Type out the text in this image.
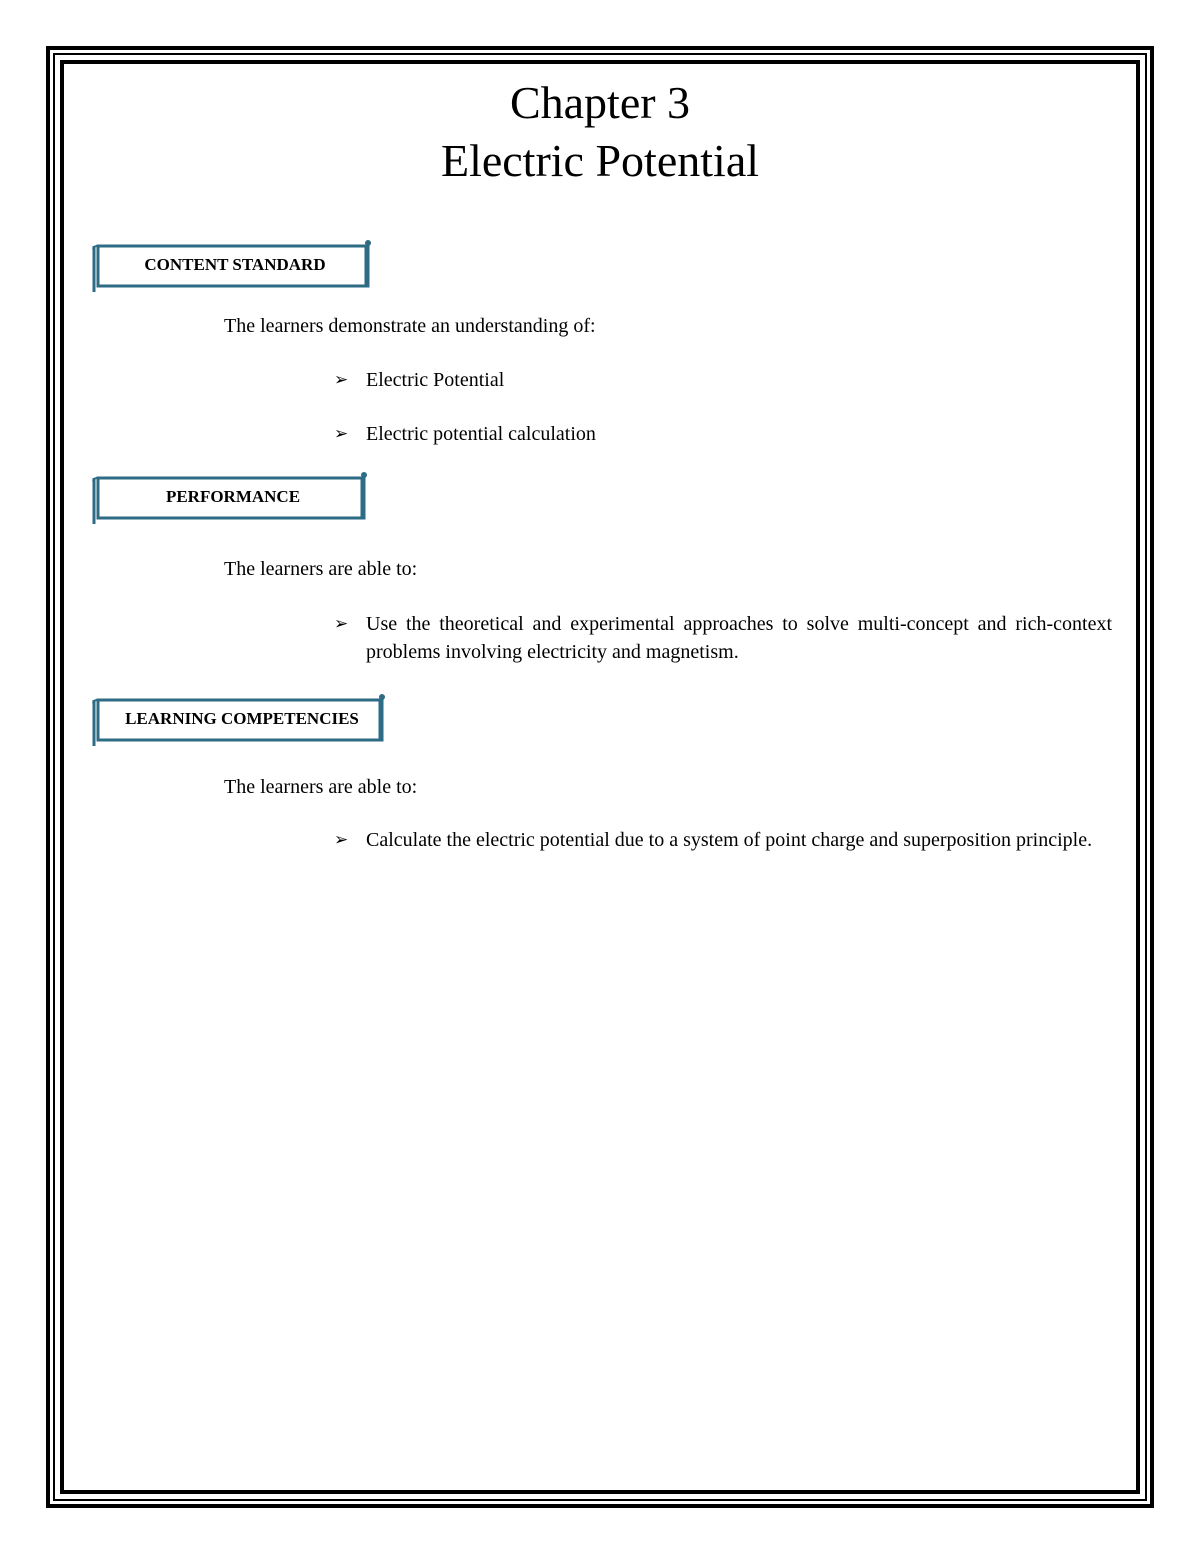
Chapter 3
Electric Potential
CONTENT STANDARD
The learners demonstrate an understanding of:
➢ Electric Potential
➢ Electric potential calculation
PERFORMANCE
The learners are able to:
➢ Use the theoretical and experimental approaches to solve multi-concept and rich-context problems involving electricity and magnetism.
LEARNING COMPETENCIES
The learners are able to:
➢ Calculate the electric potential due to a system of point charge and superposition principle.
